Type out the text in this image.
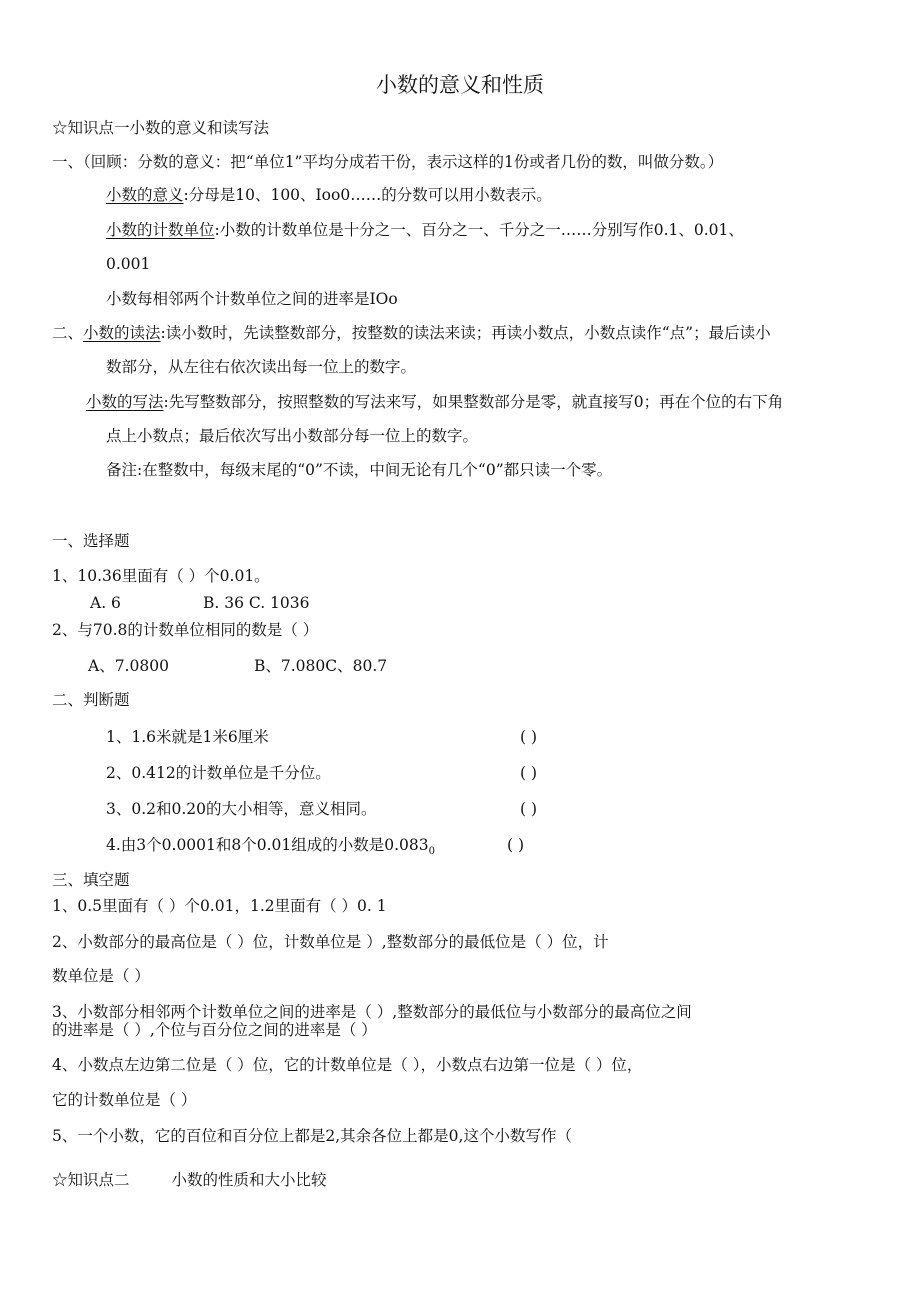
小数的意义和性质
☆知识点一小数的意义和读写法
一、（回顾：分数的意义：把“单位1”平均分成若干份，表示这样的1份或者几份的数，叫做分数。）
小数的意义:分母是10、100、Ioo0……的分数可以用小数表示。
小数的计数单位:小数的计数单位是十分之一、百分之一、千分之一……分别写作0.1、0.01、
0.001
小数每相邻两个计数单位之间的进率是IOo
二、小数的读法:读小数时，先读整数部分，按整数的读法来读；再读小数点，小数点读作“点”；最后读小
数部分，从左往右依次读出每一位上的数字。
小数的写法:先写整数部分，按照整数的写法来写，如果整数部分是零，就直接写0；再在个位的右下角
点上小数点；最后依次写出小数部分每一位上的数字。
备注:在整数中，每级末尾的“0”不读，中间无论有几个“0”都只读一个零。
一、选择题
1、10.36里面有（ ）个0.01。
A. 6	B. 36 C. 1036
2、与70.8的计数单位相同的数是（ ）
A、7.0800	B、7.080C、80.7
二、判断题
1、1.6米就是1米6厘米	( )
2、0.412的计数单位是千分位。	( )
3、0.2和0.20的大小相等，意义相同。	( )
4.由3个0.0001和8个0.01组成的小数是$0.083_0$	( )
三、填空题
1、0.5里面有（ ）个0.01，1.2里面有（ ）0. 1
2、小数部分的最高位是（ ）位，计数单位是 ）,整数部分的最低位是（ ）位，计
数单位是（ ）
3、小数部分相邻两个计数单位之间的进率是（ ）,整数部分的最低位与小数部分的最高位之间
的进率是（ ）,个位与百分位之间的进率是（ ）
4、小数点左边第二位是（ ）位，它的计数单位是（ ），小数点右边第一位是（ ）位，
它的计数单位是（ ）
5、一个小数，它的百位和百分位上都是2,其余各位上都是0,这个小数写作（
☆知识点二	小数的性质和大小比较
